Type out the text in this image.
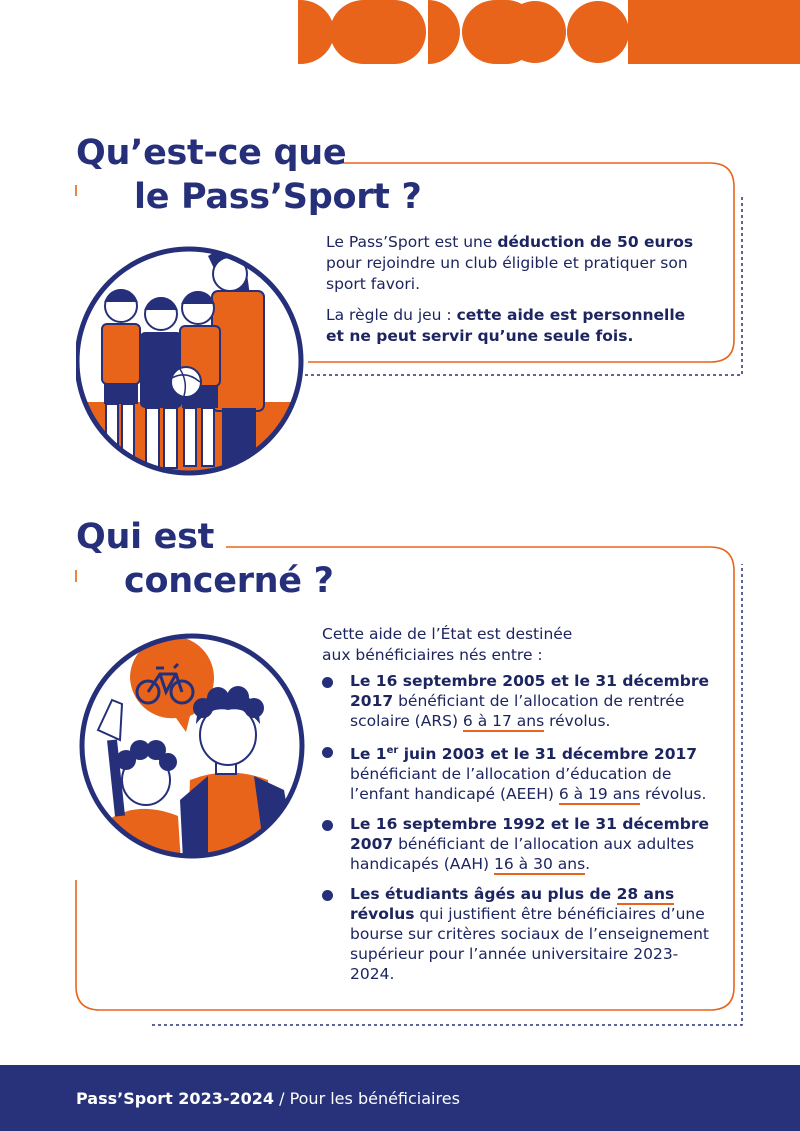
Qu’est-ce que
le Pass’Sport ?

Le Pass’Sport est une déduction de 50 euros pour rejoindre un club éligible et pratiquer son sport favori.

La règle du jeu : cette aide est personnelle et ne peut servir qu’une seule fois.

Qui est
concerné ?
Cette aide de l’État est destinée aux bénéficiaires nés entre :
Le 16 septembre 2005 et le 31 décembre 2017 bénéficiant de l’allocation de rentrée scolaire (ARS) 6 à 17 ans révolus.
Le 1er juin 2003 et le 31 décembre 2017 bénéficiant de l’allocation d’éducation de l’enfant handicapé (AEEH) 6 à 19 ans révolus.
Le 16 septembre 1992 et le 31 décembre 2007 bénéficiant de l’allocation aux adultes handicapés (AAH) 16 à 30 ans.
Les étudiants âgés au plus de 28 ans révolus qui justifient être bénéficiaires d’une bourse sur critères sociaux de l’enseignement supérieur pour l’année universitaire 2023-2024.
Pass’Sport 2023-2024 / Pour les bénéficiaires
